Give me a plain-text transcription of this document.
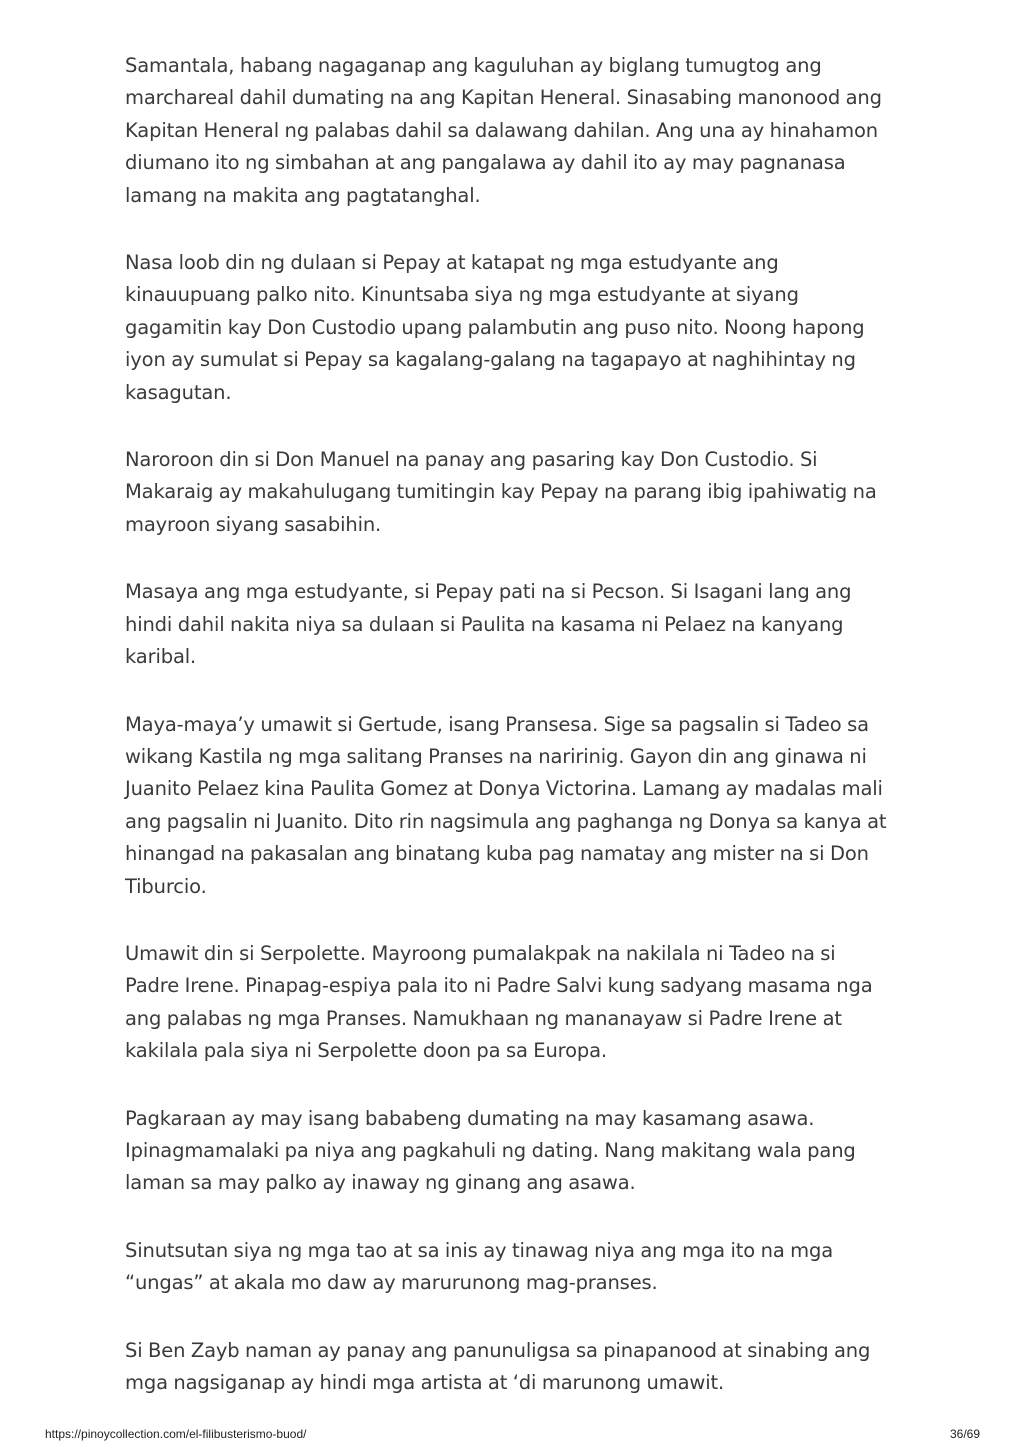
Samantala, habang nagaganap ang kaguluhan ay biglang tumugtog ang
marchareal dahil dumating na ang Kapitan Heneral. Sinasabing manonood ang
Kapitan Heneral ng palabas dahil sa dalawang dahilan. Ang una ay hinahamon
diumano ito ng simbahan at ang pangalawa ay dahil ito ay may pagnanasa
lamang na makita ang pagtatanghal.

Nasa loob din ng dulaan si Pepay at katapat ng mga estudyante ang
kinauupuang palko nito. Kinuntsaba siya ng mga estudyante at siyang
gagamitin kay Don Custodio upang palambutin ang puso nito. Noong hapong
iyon ay sumulat si Pepay sa kagalang-galang na tagapayo at naghihintay ng
kasagutan.

Naroroon din si Don Manuel na panay ang pasaring kay Don Custodio. Si
Makaraig ay makahulugang tumitingin kay Pepay na parang ibig ipahiwatig na
mayroon siyang sasabihin.

Masaya ang mga estudyante, si Pepay pati na si Pecson. Si Isagani lang ang
hindi dahil nakita niya sa dulaan si Paulita na kasama ni Pelaez na kanyang
karibal.

Maya-maya’y umawit si Gertude, isang Pransesa. Sige sa pagsalin si Tadeo sa
wikang Kastila ng mga salitang Pranses na naririnig. Gayon din ang ginawa ni
Juanito Pelaez kina Paulita Gomez at Donya Victorina. Lamang ay madalas mali
ang pagsalin ni Juanito. Dito rin nagsimula ang paghanga ng Donya sa kanya at
hinangad na pakasalan ang binatang kuba pag namatay ang mister na si Don
Tiburcio.

Umawit din si Serpolette. Mayroong pumalakpak na nakilala ni Tadeo na si
Padre Irene. Pinapag-espiya pala ito ni Padre Salvi kung sadyang masama nga
ang palabas ng mga Pranses. Namukhaan ng mananayaw si Padre Irene at
kakilala pala siya ni Serpolette doon pa sa Europa.

Pagkaraan ay may isang bababeng dumating na may kasamang asawa.
Ipinagmamalaki pa niya ang pagkahuli ng dating. Nang makitang wala pang
laman sa may palko ay inaway ng ginang ang asawa.

Sinutsutan siya ng mga tao at sa inis ay tinawag niya ang mga ito na mga
“ungas” at akala mo daw ay marurunong mag-pranses.

Si Ben Zayb naman ay panay ang panunuligsa sa pinapanood at sinabing ang
mga nagsiganap ay hindi mga artista at ‘di marunong umawit.

https://pinoycollection.com/el-filibusterismo-buod/	36/69
